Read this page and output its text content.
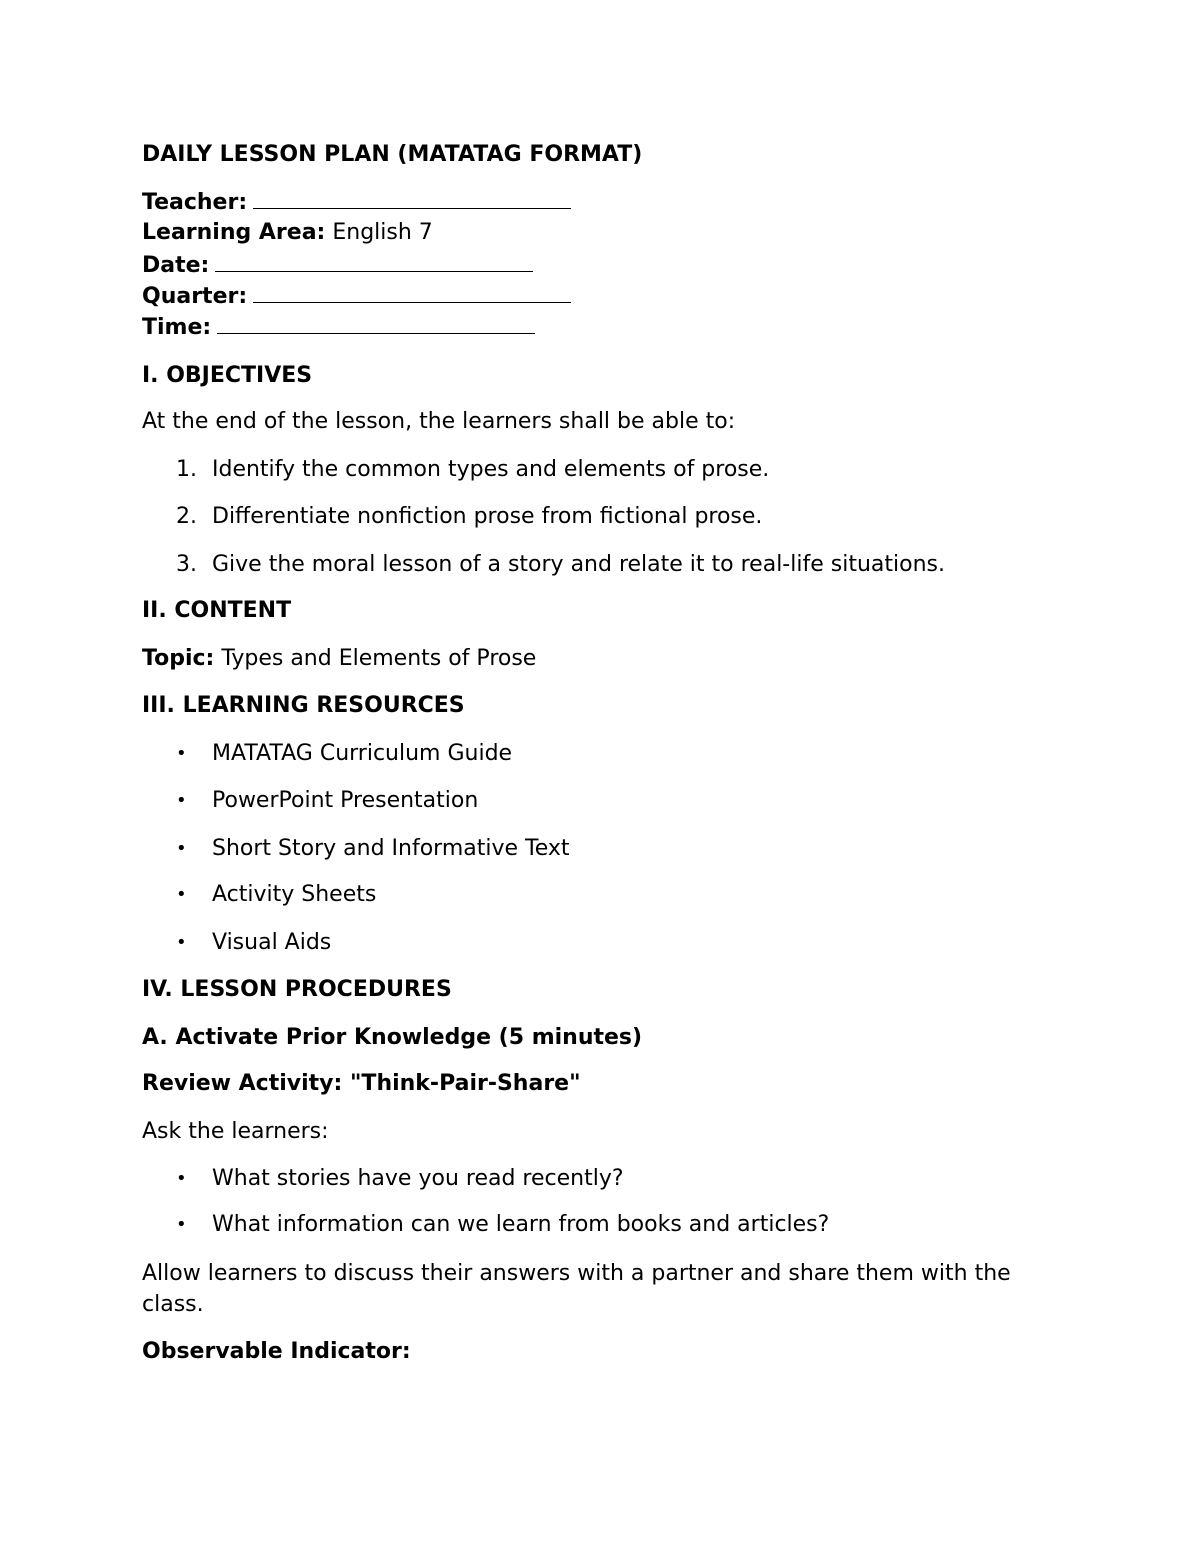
DAILY LESSON PLAN (MATATAG FORMAT)
Teacher:
Learning Area: English 7
Date:
Quarter:
Time:
I. OBJECTIVES
At the end of the lesson, the learners shall be able to:
1. Identify the common types and elements of prose.
2. Differentiate nonfiction prose from fictional prose.
3. Give the moral lesson of a story and relate it to real-life situations.
II. CONTENT
Topic: Types and Elements of Prose
III. LEARNING RESOURCES
• MATATAG Curriculum Guide
• PowerPoint Presentation
• Short Story and Informative Text
• Activity Sheets
• Visual Aids
IV. LESSON PROCEDURES
A. Activate Prior Knowledge (5 minutes)
Review Activity: "Think-Pair-Share"
Ask the learners:
• What stories have you read recently?
• What information can we learn from books and articles?
Allow learners to discuss their answers with a partner and share them with the class.
Observable Indicator:
